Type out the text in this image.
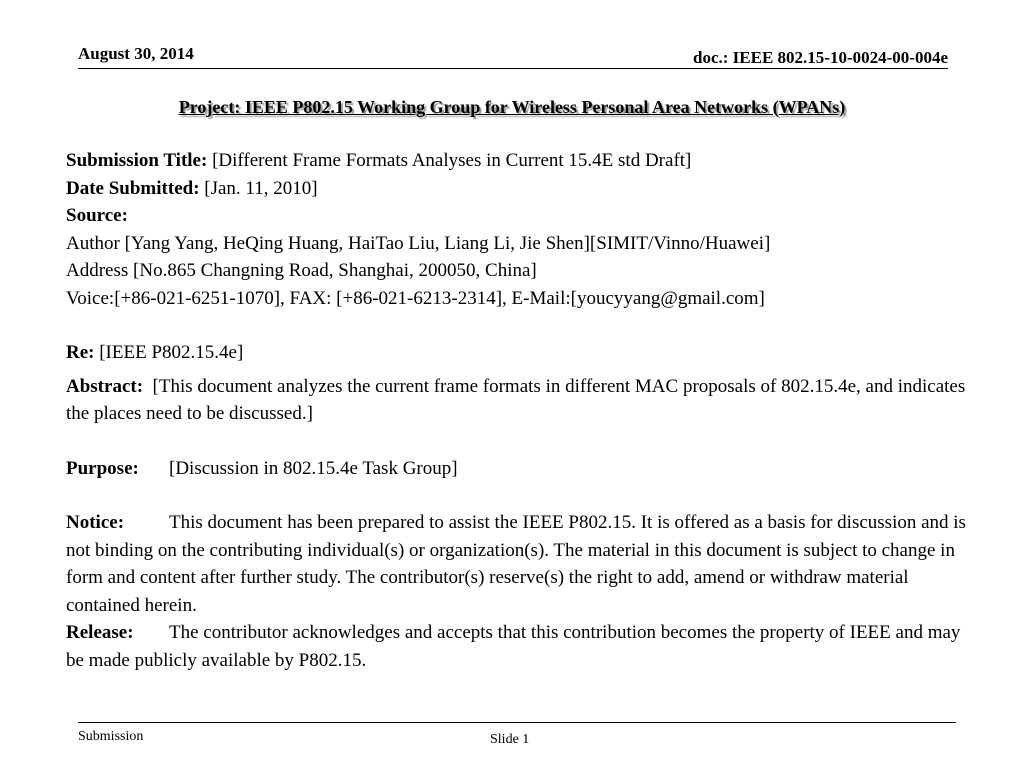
August 30, 2014	doc.: IEEE 802.15-10-0024-00-004e
Project: IEEE P802.15 Working Group for Wireless Personal Area Networks (WPANs)
Submission Title: [Different Frame Formats Analyses in Current 15.4E std Draft]
Date Submitted: [Jan. 11, 2010]
Source:
Author [Yang Yang, HeQing Huang, HaiTao Liu, Liang Li, Jie Shen][SIMIT/Vinno/Huawei]
Address [No.865 Changning Road, Shanghai, 200050, China]
Voice:[+86-021-6251-1070], FAX: [+86-021-6213-2314], E-Mail:[youcyyang@gmail.com]
Re: [IEEE P802.15.4e]
Abstract: [This document analyzes the current frame formats in different MAC proposals of 802.15.4e, and indicates the places need to be discussed.]
Purpose: [Discussion in 802.15.4e Task Group]
Notice: This document has been prepared to assist the IEEE P802.15. It is offered as a basis for discussion and is not binding on the contributing individual(s) or organization(s). The material in this document is subject to change in form and content after further study. The contributor(s) reserve(s) the right to add, amend or withdraw material contained herein.
Release: The contributor acknowledges and accepts that this contribution becomes the property of IEEE and may be made publicly available by P802.15.
Submission	Slide 1
